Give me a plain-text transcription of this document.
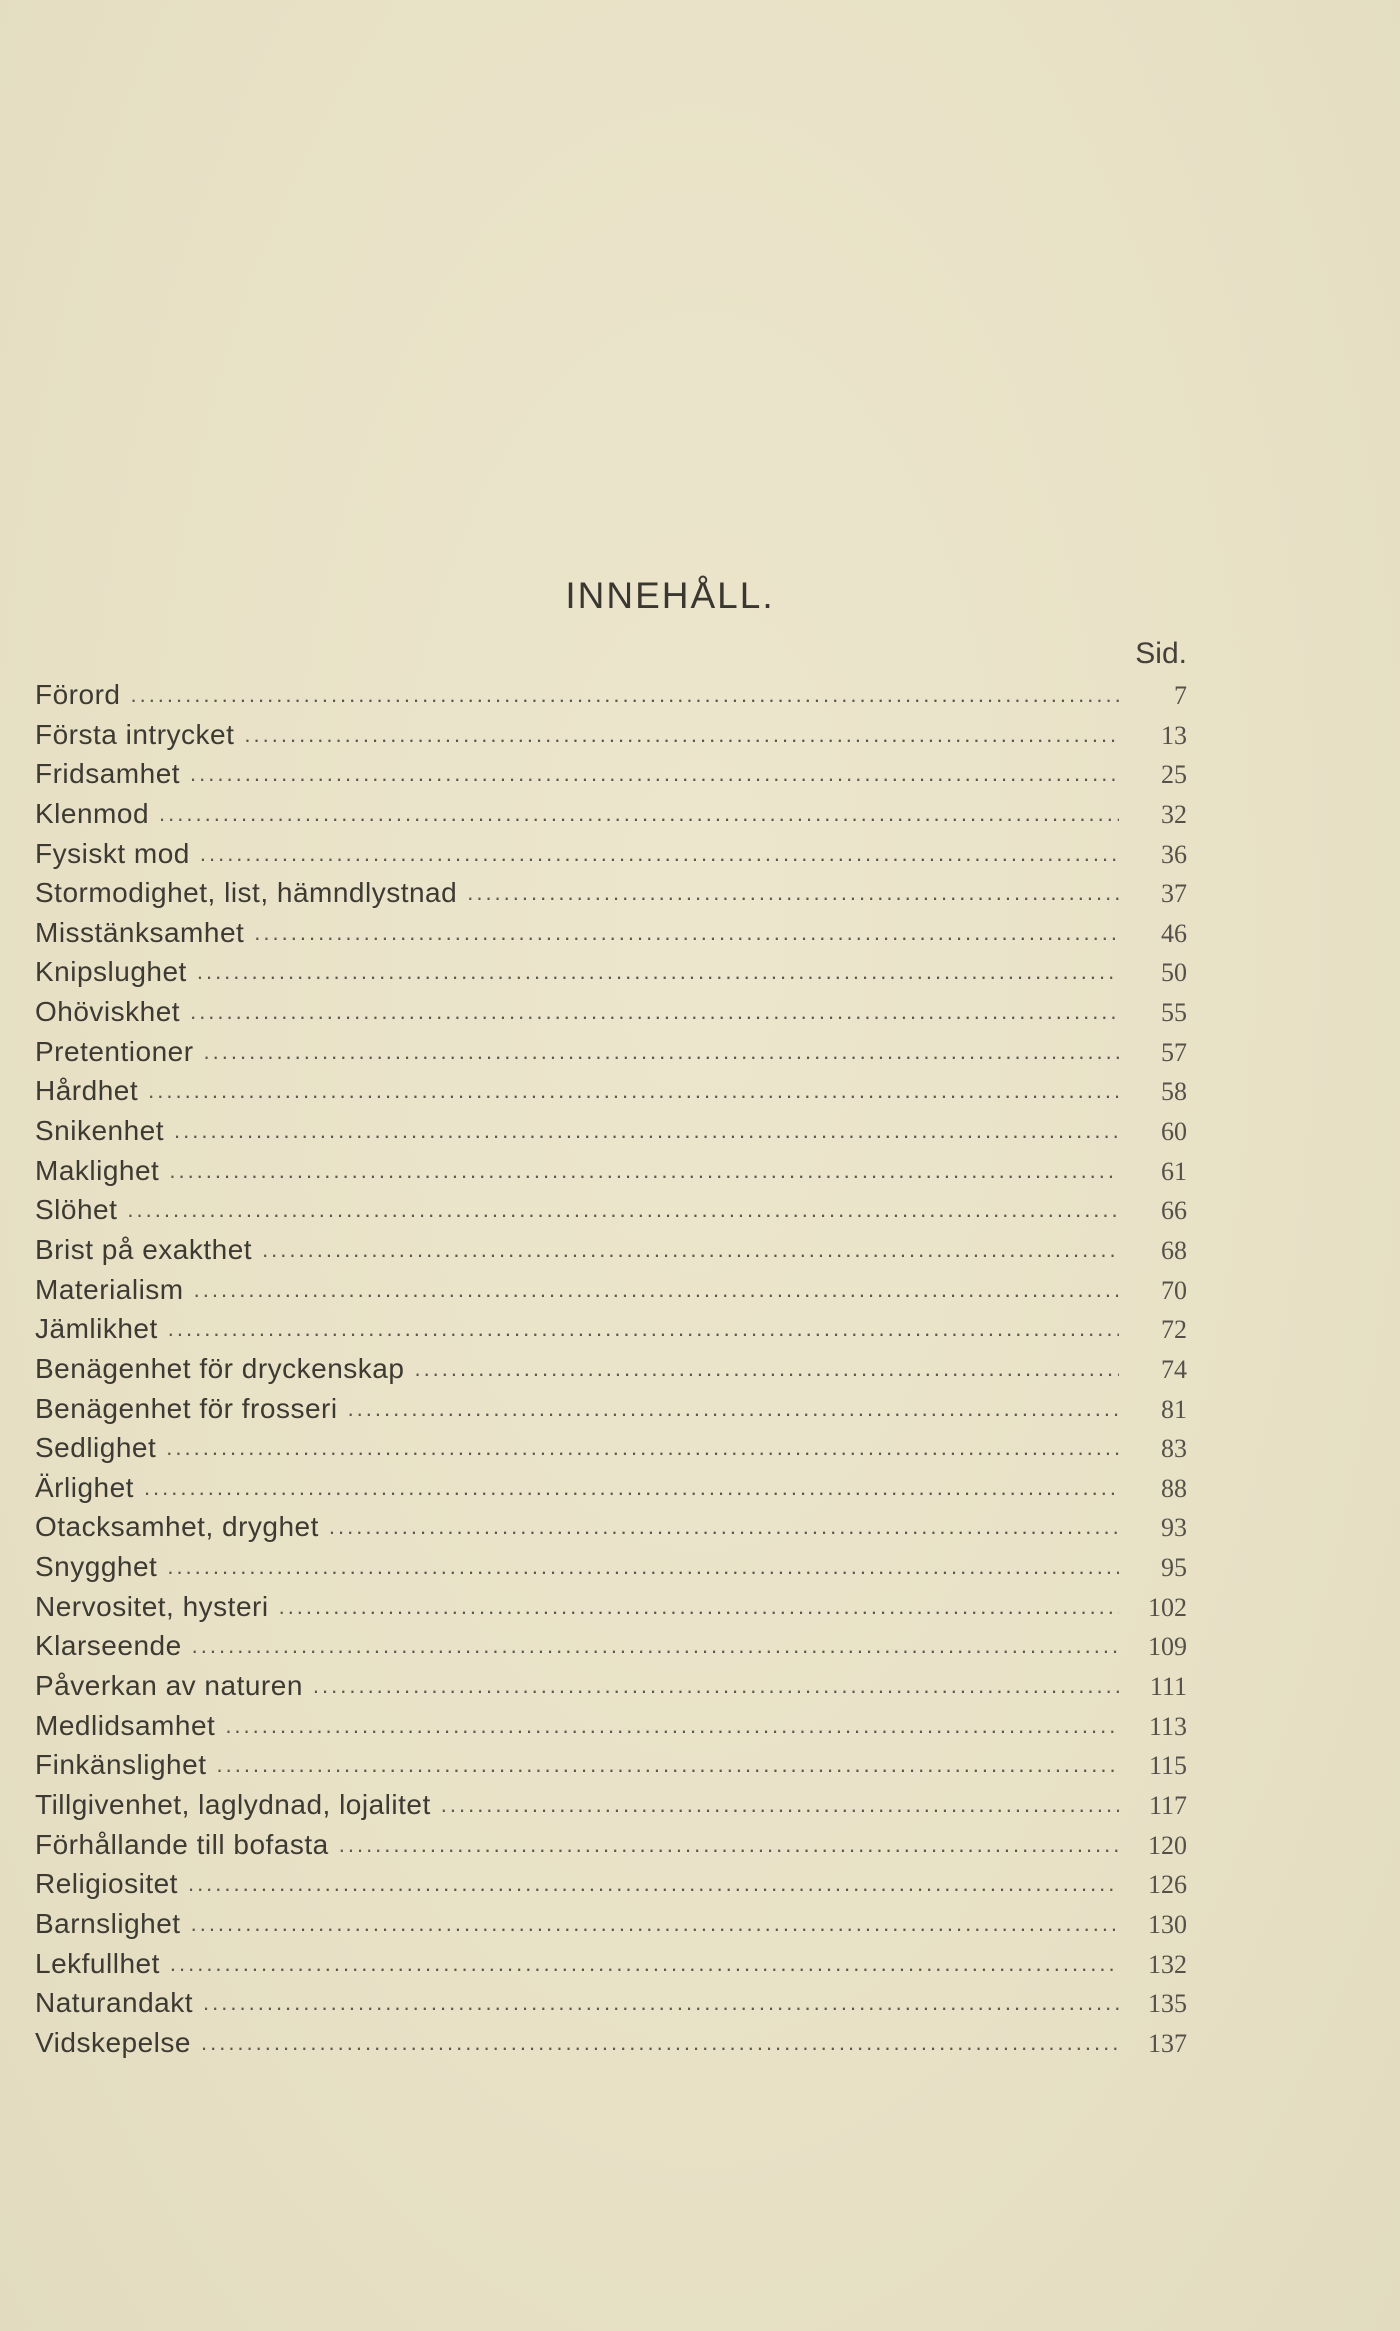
INNEHÅLL.
Sid.
Förord .....	7
Första intrycket .....	13
Fridsamhet .....	25
Klenmod .....	32
Fysiskt mod .....	36
Stormodighet, list, hämndlystnad .....	37
Misstänksamhet .....	46
Knipslughet .....	50
Ohöviskhet .....	55
Pretentioner .....	57
Hårdhet .....	58
Snikenhet .....	60
Maklighet .....	61
Slöhet .....	66
Brist på exakthet .....	68
Materialism .....	70
Jämlikhet .....	72
Benägenhet för dryckenskap .....	74
Benägenhet för frosseri .....	81
Sedlighet .....	83
Ärlighet .....	88
Otacksamhet, dryghet .....	93
Snygghet .....	95
Nervositet, hysteri .....	102
Klarseende .....	109
Påverkan av naturen .....	111
Medlidsamhet .....	113
Finkänslighet .....	115
Tillgivenhet, laglydnad, lojalitet .....	117
Förhållande till bofasta .....	120
Religiositet .....	126
Barnslighet .....	130
Lekfullhet .....	132
Naturandakt .....	135
Vidskepelse .....	137
